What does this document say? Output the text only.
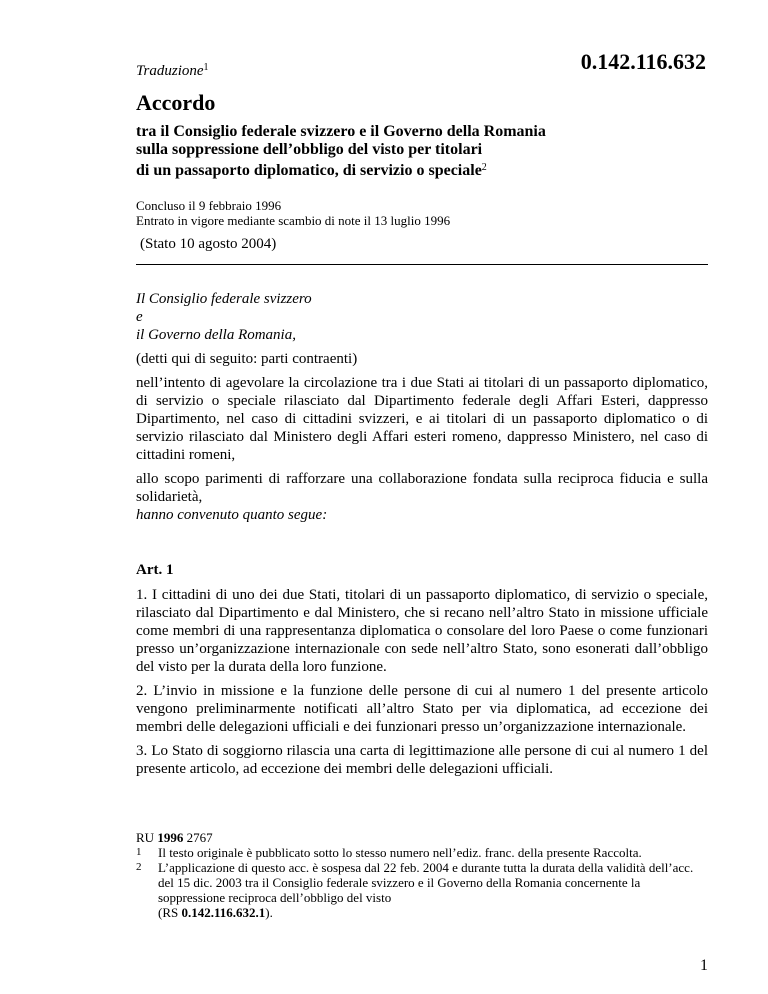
Traduzione$^1$	0.142.116.632
Accordo
tra il Consiglio federale svizzero e il Governo della Romania
sulla soppressione dell’obbligo del visto per titolari
di un passaporto diplomatico, di servizio o speciale$^2$
Concluso il 9 febbraio 1996
Entrato in vigore mediante scambio di note il 13 luglio 1996
(Stato 10 agosto 2004)
Il Consiglio federale svizzero
e
il Governo della Romania,

(detti qui di seguito: parti contraenti)

nell’intento di agevolare la circolazione tra i due Stati ai titolari di un passaporto diplomatico, di servizio o speciale rilasciato dal Dipartimento federale degli Affari Esteri, dappresso Dipartimento, nel caso di cittadini svizzeri, e ai titolari di un passaporto diplomatico o di servizio rilasciato dal Ministero degli Affari esteri romeno, dappresso Ministero, nel caso di cittadini romeni,

allo scopo parimenti di rafforzare una collaborazione fondata sulla reciproca fiducia e sulla solidarietà,

hanno convenuto quanto segue:

Art. 1

1. I cittadini di uno dei due Stati, titolari di un passaporto diplomatico, di servizio o speciale, rilasciato dal Dipartimento e dal Ministero, che si recano nell’altro Stato in missione ufficiale come membri di una rappresentanza diplomatica o consolare del loro Paese o come funzionari presso un’organizzazione internazionale con sede nell’altro Stato, sono esonerati dall’obbligo del visto per la durata della loro funzione.

2. L’invio in missione e la funzione delle persone di cui al numero 1 del presente articolo vengono preliminarmente notificati all’altro Stato per via diplomatica, ad eccezione dei membri delle delegazioni ufficiali e dei funzionari presso un’organizzazione internazionale.

3. Lo Stato di soggiorno rilascia una carta di legittimazione alle persone di cui al numero 1 del presente articolo, ad eccezione dei membri delle delegazioni ufficiali.

RU 1996 2767
1	Il testo originale è pubblicato sotto lo stesso numero nell’ediz. franc. della presente Raccolta.
2	L’applicazione di questo acc. è sospesa dal 22 feb. 2004 e durante tutta la durata della validità dell’acc. del 15 dic. 2003 tra il Consiglio federale svizzero e il Governo della Romania concernente la soppressione reciproca dell’obbligo del visto
(RS 0.142.116.632.1).
1
